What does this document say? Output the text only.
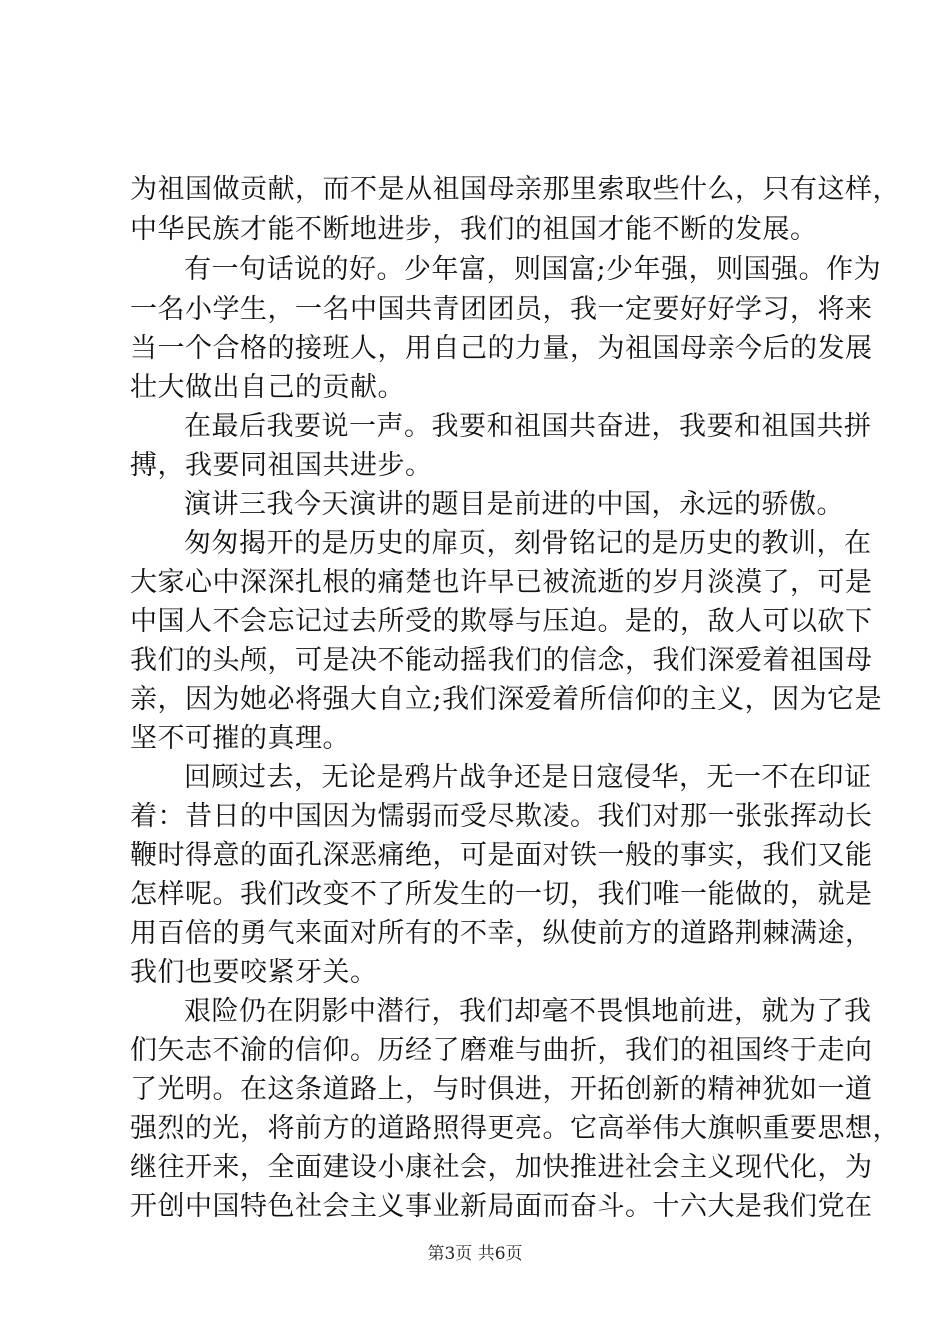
为祖国做贡献，而不是从祖国母亲那里索取些什么，只有这样，
中华民族才能不断地进步，我们的祖国才能不断的发展。
有一句话说的好。少年富，则国富;少年强，则国强。作为
一名小学生，一名中国共青团团员，我一定要好好学习，将来
当一个合格的接班人，用自己的力量，为祖国母亲今后的发展
壮大做出自己的贡献。
在最后我要说一声。我要和祖国共奋进，我要和祖国共拼
搏，我要同祖国共进步。
演讲三我今天演讲的题目是前进的中国，永远的骄傲。
匆匆揭开的是历史的扉页，刻骨铭记的是历史的教训，在
大家心中深深扎根的痛楚也许早已被流逝的岁月淡漠了，可是
中国人不会忘记过去所受的欺辱与压迫。是的，敌人可以砍下
我们的头颅，可是决不能动摇我们的信念，我们深爱着祖国母
亲，因为她必将强大自立;我们深爱着所信仰的主义，因为它是
坚不可摧的真理。
回顾过去，无论是鸦片战争还是日寇侵华，无一不在印证
着：昔日的中国因为懦弱而受尽欺凌。我们对那一张张挥动长
鞭时得意的面孔深恶痛绝，可是面对铁一般的事实，我们又能
怎样呢。我们改变不了所发生的一切，我们唯一能做的，就是
用百倍的勇气来面对所有的不幸，纵使前方的道路荆棘满途，
我们也要咬紧牙关。
艰险仍在阴影中潜行，我们却毫不畏惧地前进，就为了我
们矢志不渝的信仰。历经了磨难与曲折，我们的祖国终于走向
了光明。在这条道路上，与时俱进，开拓创新的精神犹如一道
强烈的光，将前方的道路照得更亮。它高举伟大旗帜重要思想，
继往开来，全面建设小康社会，加快推进社会主义现代化，为
开创中国特色社会主义事业新局面而奋斗。十六大是我们党在
第3页 共6页
